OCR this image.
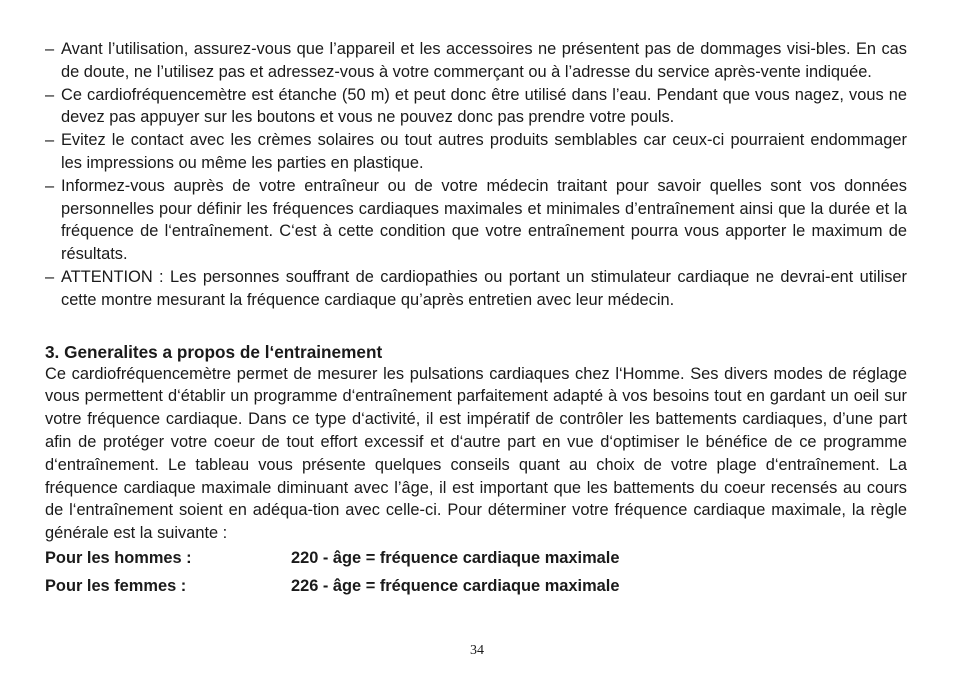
– Avant l’utilisation, assurez-vous que l’appareil et les accessoires ne présentent pas de dommages visi-bles. En cas de doute, ne l’utilisez pas et adressez-vous à votre commerçant ou à l’adresse du service après-vente indiquée.
– Ce cardiofréquencemètre est étanche (50 m) et peut donc être utilisé dans l’eau. Pendant que vous nagez, vous ne devez pas appuyer sur les boutons et vous ne pouvez donc pas prendre votre pouls.
– Evitez le contact avec les crèmes solaires ou tout autres produits semblables car ceux-ci pourraient endommager les impressions ou même les parties en plastique.
– Informez-vous auprès de votre entraîneur ou de votre médecin traitant pour savoir quelles sont vos données personnelles pour définir les fréquences cardiaques maximales et minimales d’entraînement ainsi que la durée et la fréquence de l‘entraînement. C‘est à cette condition que votre entraînement pourra vous apporter le maximum de résultats.
– ATTENTION : Les personnes souffrant de cardiopathies ou portant un stimulateur cardiaque ne devrai-ent utiliser cette montre mesurant la fréquence cardiaque qu’après entretien avec leur médecin.
3. Generalites a propos de l‘entrainement

Ce cardiofréquencemètre permet de mesurer les pulsations cardiaques chez l‘Homme. Ses divers modes de réglage vous permettent d‘établir un programme d‘entraînement parfaitement adapté à vos besoins tout en gardant un oeil sur votre fréquence cardiaque. Dans ce type d‘activité, il est impératif de contrôler les battements cardiaques, d’une part afin de protéger votre coeur de tout effort excessif et d‘autre part en vue d‘optimiser le bénéfice de ce programme d‘entraînement. Le tableau vous présente quelques conseils quant au choix de votre plage d‘entraînement. La fréquence cardiaque maximale diminuant avec l’âge, il est important que les battements du coeur recensés au cours de l‘entraînement soient en adéqua-tion avec celle-ci. Pour déterminer votre fréquence cardiaque maximale, la règle générale est la suivante :

Pour les hommes :	220 - âge = fréquence cardiaque maximale
Pour les femmes :	226 - âge = fréquence cardiaque maximale
34
